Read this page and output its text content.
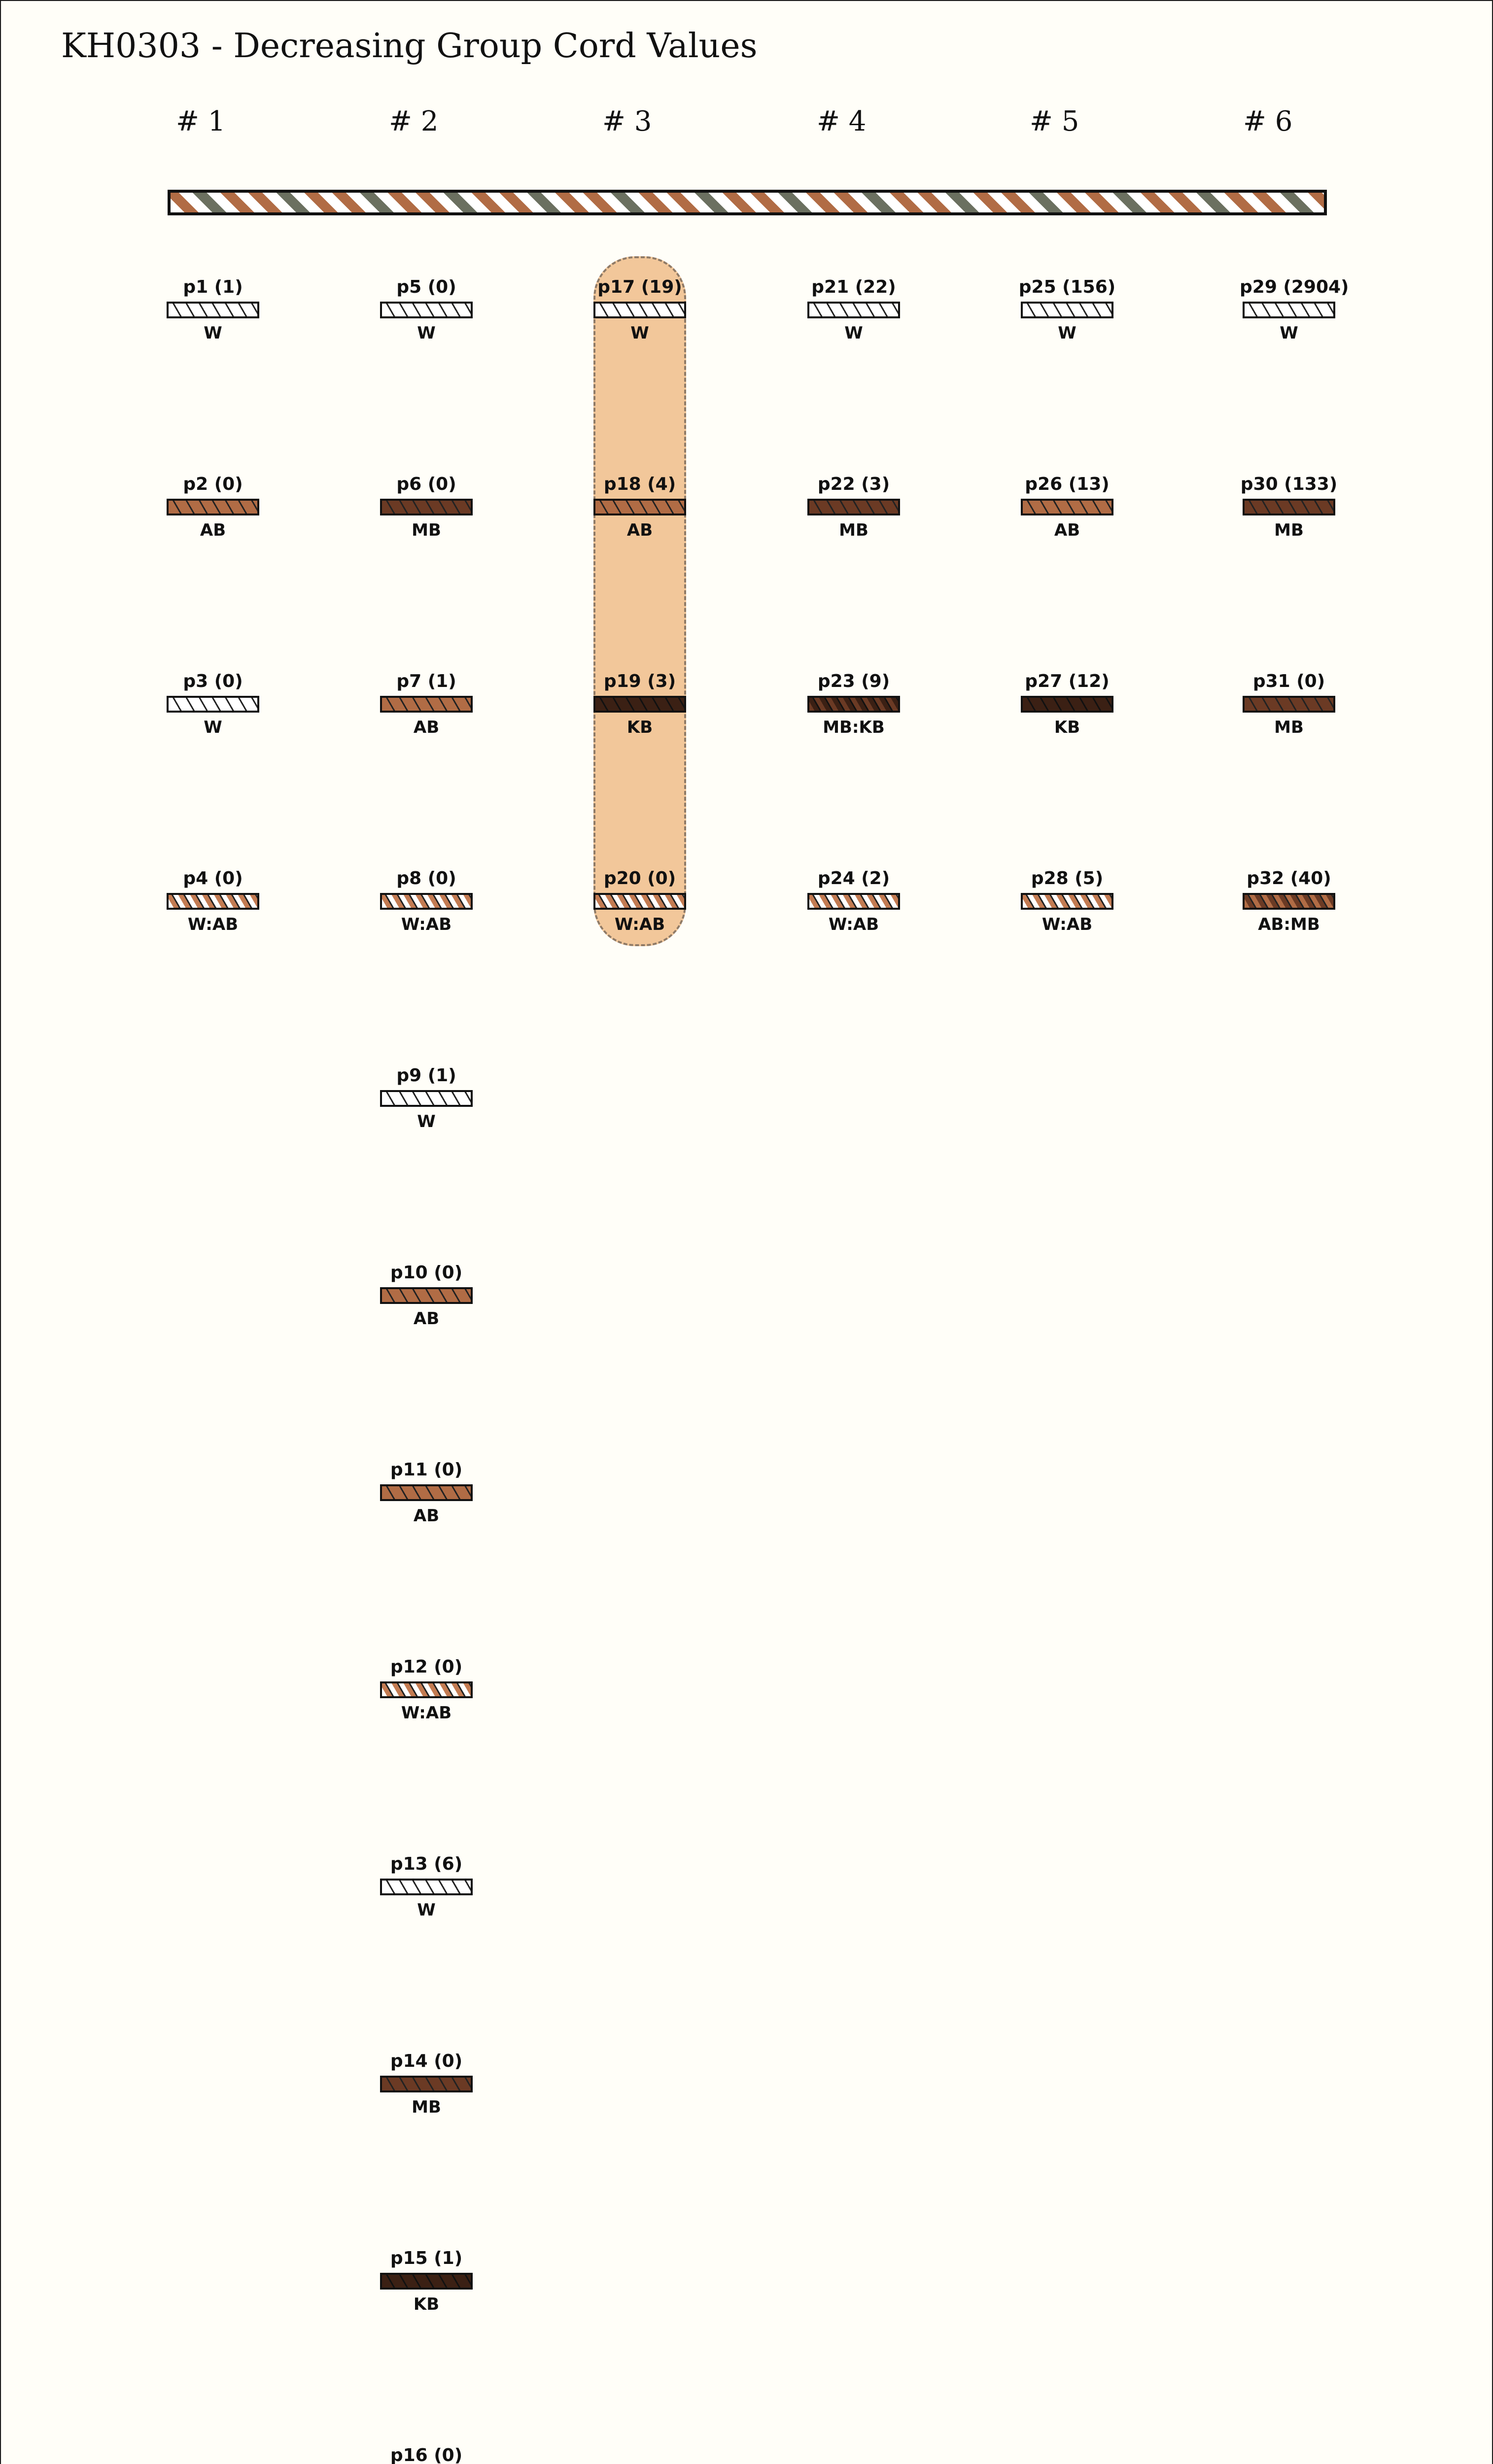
KH0303 - Decreasing Group Cord Values
# 1
p1 (1)
W
p2 (0)
AB
p3 (0)
W
p4 (0)
W:AB
# 2
p5 (0)
W
p6 (0)
MB
p7 (1)
AB
p8 (0)
W:AB
p9 (1)
W
p10 (0)
AB
p11 (0)
AB
p12 (0)
W:AB
p13 (6)
W
p14 (0)
MB
p15 (1)
KB
p16 (0)
# 3
p17 (19)
W
p18 (4)
AB
p19 (3)
KB
p20 (0)
W:AB
# 4
p21 (22)
W
p22 (3)
MB
p23 (9)
MB:KB
p24 (2)
W:AB
# 5
p25 (156)
W
p26 (13)
AB
p27 (12)
KB
p28 (5)
W:AB
# 6
p29 (2904)
W
p30 (133)
MB
p31 (0)
MB
p32 (40)
AB:MB
